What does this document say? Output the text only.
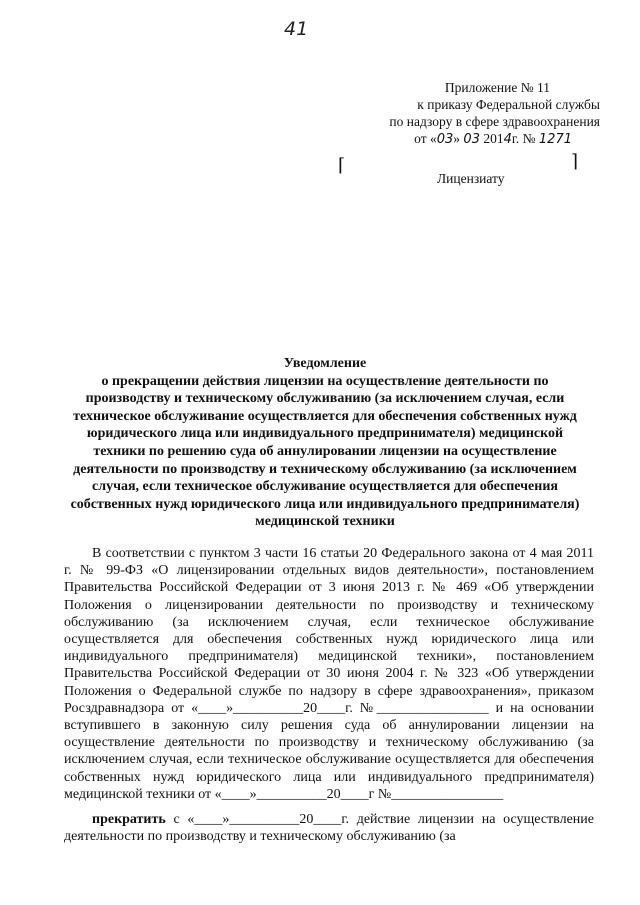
41
Приложение № 11
к приказу Федеральной службы
по надзору в сфере здравоохранения
от «03» 03 2014г. № 1271
⌈	⌉
Лицензиату
Уведомление
о прекращении действия лицензии на осуществление деятельности по производству и техническому обслуживанию (за исключением случая, если техническое обслуживание осуществляется для обеспечения собственных нужд юридического лица или индивидуального предпринимателя) медицинской техники по решению суда об аннулировании лицензии на осуществление деятельности по производству и техническому обслуживанию (за исключением случая, если техническое обслуживание осуществляется для обеспечения собственных нужд юридического лица или индивидуального предпринимателя) медицинской техники

В соответствии с пунктом 3 части 16 статьи 20 Федерального закона от 4 мая 2011 г. № 99-ФЗ «О лицензировании отдельных видов деятельности», постановлением Правительства Российской Федерации от 3 июня 2013 г. № 469 «Об утверждении Положения о лицензировании деятельности по производству и техническому обслуживанию (за исключением случая, если техническое обслуживание осуществляется для обеспечения собственных нужд юридического лица или индивидуального предпринимателя) медицинской техники», постановлением Правительства Российской Федерации от 30 июня 2004 г. № 323 «Об утверждении Положения о Федеральной службе по надзору в сфере здравоохранения», приказом Росздравнадзора от «____»__________20____г. №________________ и на основании вступившего в законную силу решения суда об аннулировании лицензии на осуществление деятельности по производству и техническому обслуживанию (за исключением случая, если техническое обслуживание осуществляется для обеспечения собственных нужд юридического лица или индивидуального предпринимателя) медицинской техники от «____»__________20____г №________________

прекратить с «____»__________20____г. действие лицензии на осуществление деятельности по производству и техническому обслуживанию (за
